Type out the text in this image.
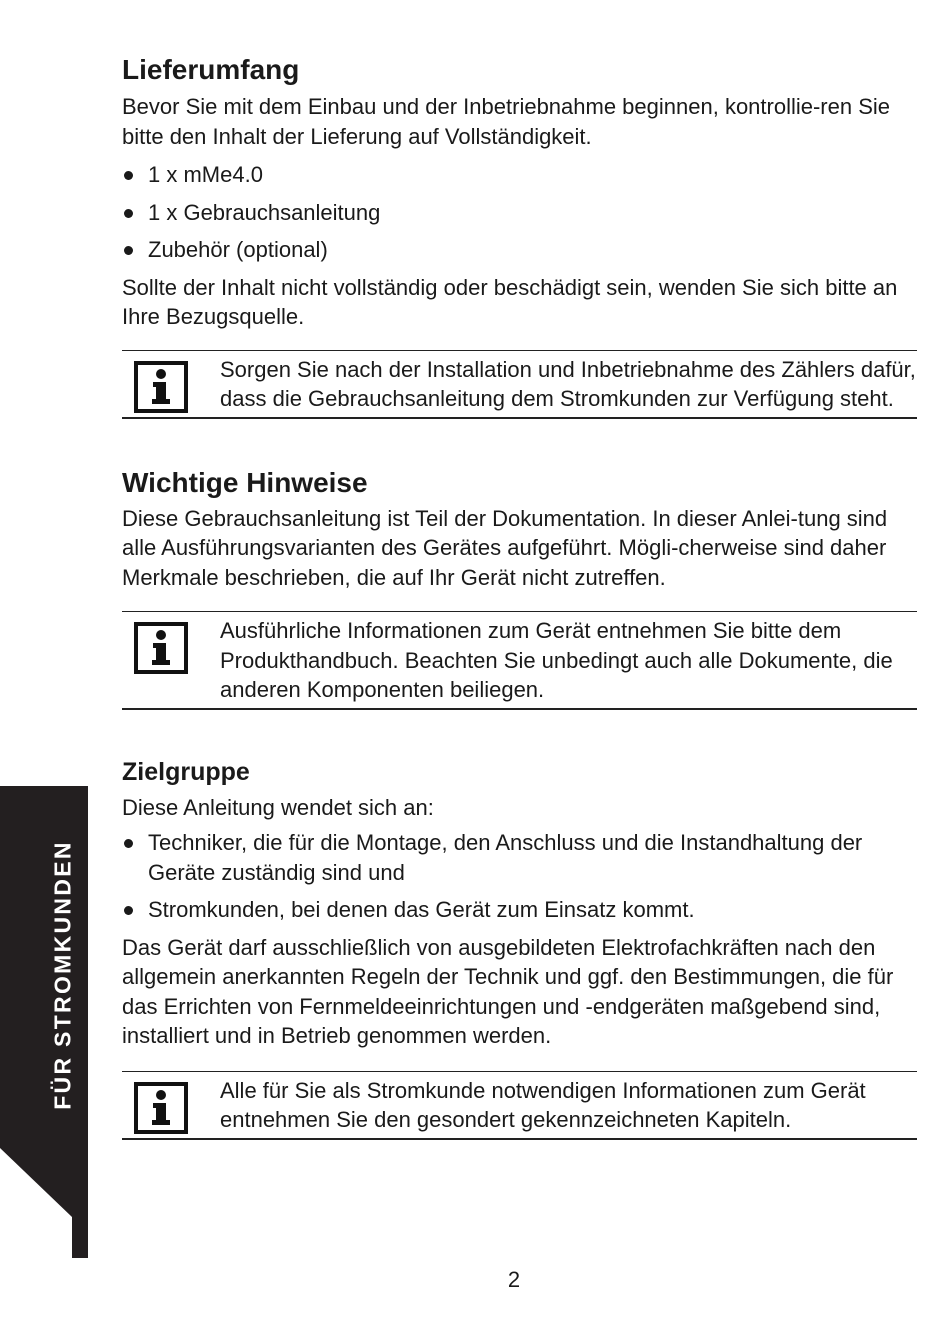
Lieferumfang

Bevor Sie mit dem Einbau und der Inbetriebnahme beginnen, kontrollie-ren Sie bitte den Inhalt der Lieferung auf Vollständigkeit.

1 x mMe4.0
1 x Gebrauchsanleitung
Zubehör (optional)

Sollte der Inhalt nicht vollständig oder beschädigt sein, wenden Sie sich bitte an Ihre Bezugsquelle.

Sorgen Sie nach der Installation und Inbetriebnahme des Zählers dafür, dass die Gebrauchsanleitung dem Stromkunden zur Verfügung steht.

Wichtige Hinweise

Diese Gebrauchsanleitung ist Teil der Dokumentation. In dieser Anlei-tung sind alle Ausführungsvarianten des Gerätes aufgeführt. Mögli-cherweise sind daher Merkmale beschrieben, die auf Ihr Gerät nicht zutreffen.

Ausführliche Informationen zum Gerät entnehmen Sie bitte dem Produkthandbuch. Beachten Sie unbedingt auch alle Dokumente, die anderen Komponenten beiliegen.

Zielgruppe

Diese Anleitung wendet sich an:

Techniker, die für die Montage, den Anschluss und die Instandhaltung der Geräte zuständig sind und
Stromkunden, bei denen das Gerät zum Einsatz kommt.

Das Gerät darf ausschließlich von ausgebildeten Elektrofachkräften nach den allgemein anerkannten Regeln der Technik und ggf. den Bestimmungen, die für das Errichten von Fernmeldeeinrichtungen und -endgeräten maßgebend sind, installiert und in Betrieb genommen werden.

Alle für Sie als Stromkunde notwendigen Informationen zum Gerät entnehmen Sie den gesondert gekennzeichneten Kapiteln.

FÜR STROMKUNDEN
2
